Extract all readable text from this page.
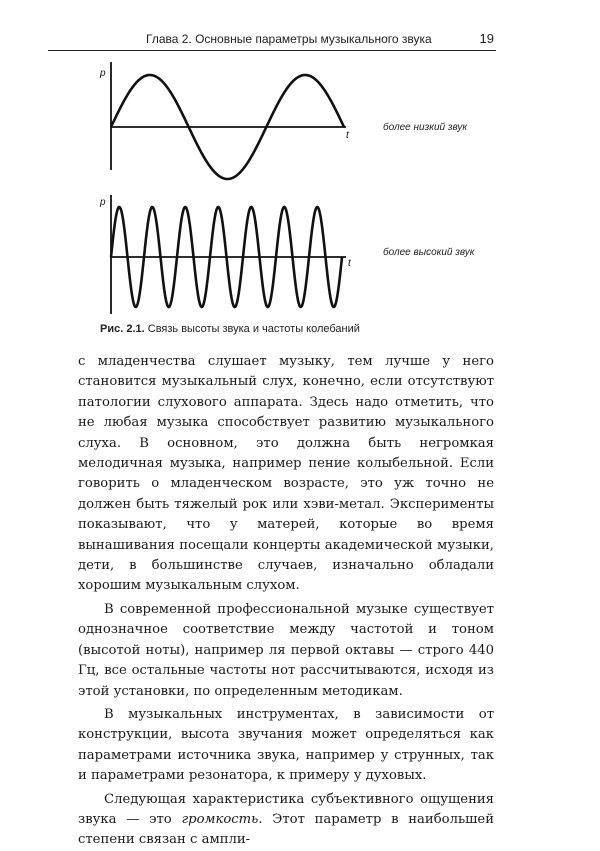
Глава 2. Основные параметры музыкального звука	19
p
t
p
t
более низкий звук
более высокий звук
Рис. 2.1. Связь высоты звука и частоты колебаний

с младенчества слушает музыку, тем лучше у него становится музыкальный слух, конечно, если отсутствуют патологии слухового аппарата. Здесь надо отметить, что не любая музыка способствует развитию музыкального слуха. В основном, это должна быть негромкая мелодичная музыка, например пение колыбельной. Если говорить о младенческом возрасте, это уж точно не должен быть тяжелый рок или хэви-метал. Эксперименты показывают, что у матерей, которые во время вынашивания посещали концерты академической музыки, дети, в большинстве случаев, изначально обладали хорошим музыкальным слухом.

В современной профессиональной музыке существует однозначное соответствие между частотой и тоном (высотой ноты), например ля первой октавы — строго 440 Гц, все остальные частоты нот рассчитываются, исходя из этой установки, по определенным методикам.

В музыкальных инструментах, в зависимости от конструкции, высота звучания может определяться как параметрами источника звука, например у струнных, так и параметрами резонатора, к примеру у духовых.

Следующая характеристика субъективного ощущения звука — это громкость. Этот параметр в наибольшей степени связан с ампли-
